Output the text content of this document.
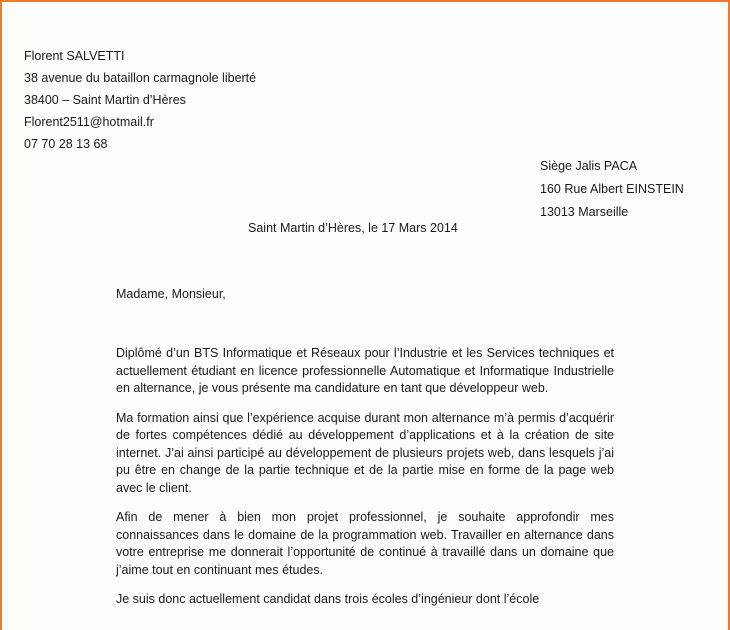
Florent SALVETTI
38 avenue du bataillon carmagnole liberté
38400 – Saint Martin d’Hères
Florent2511@hotmail.fr
07 70 28 13 68
Siège Jalis PACA
160 Rue Albert EINSTEIN
13013 Marseille
Saint Martin d’Hères, le 17 Mars 2014
Madame, Monsieur,

Diplômé d’un BTS Informatique et Réseaux pour l’Industrie et les Services techniques et actuellement étudiant en licence professionnelle Automatique et Informatique Industrielle en alternance, je vous présente ma candidature en tant que développeur web.

Ma formation ainsi que l’expérience acquise durant mon alternance m’à permis d’acquérir de fortes compétences dédié au développement d’applications et à la création de site internet. J’ai ainsi participé au développement de plusieurs projets web, dans lesquels j’ai pu être en change de la partie technique et de la partie mise en forme de la page web avec le client.

Afin de mener à bien mon projet professionnel, je souhaite approfondir mes connaissances dans le domaine de la programmation web. Travailler en alternance dans votre entreprise me donnerait l’opportunité de continué à travaillé dans un domaine que j’aime tout en continuant mes études.

Je suis donc actuellement candidat dans trois écoles d’ingénieur dont l’école
